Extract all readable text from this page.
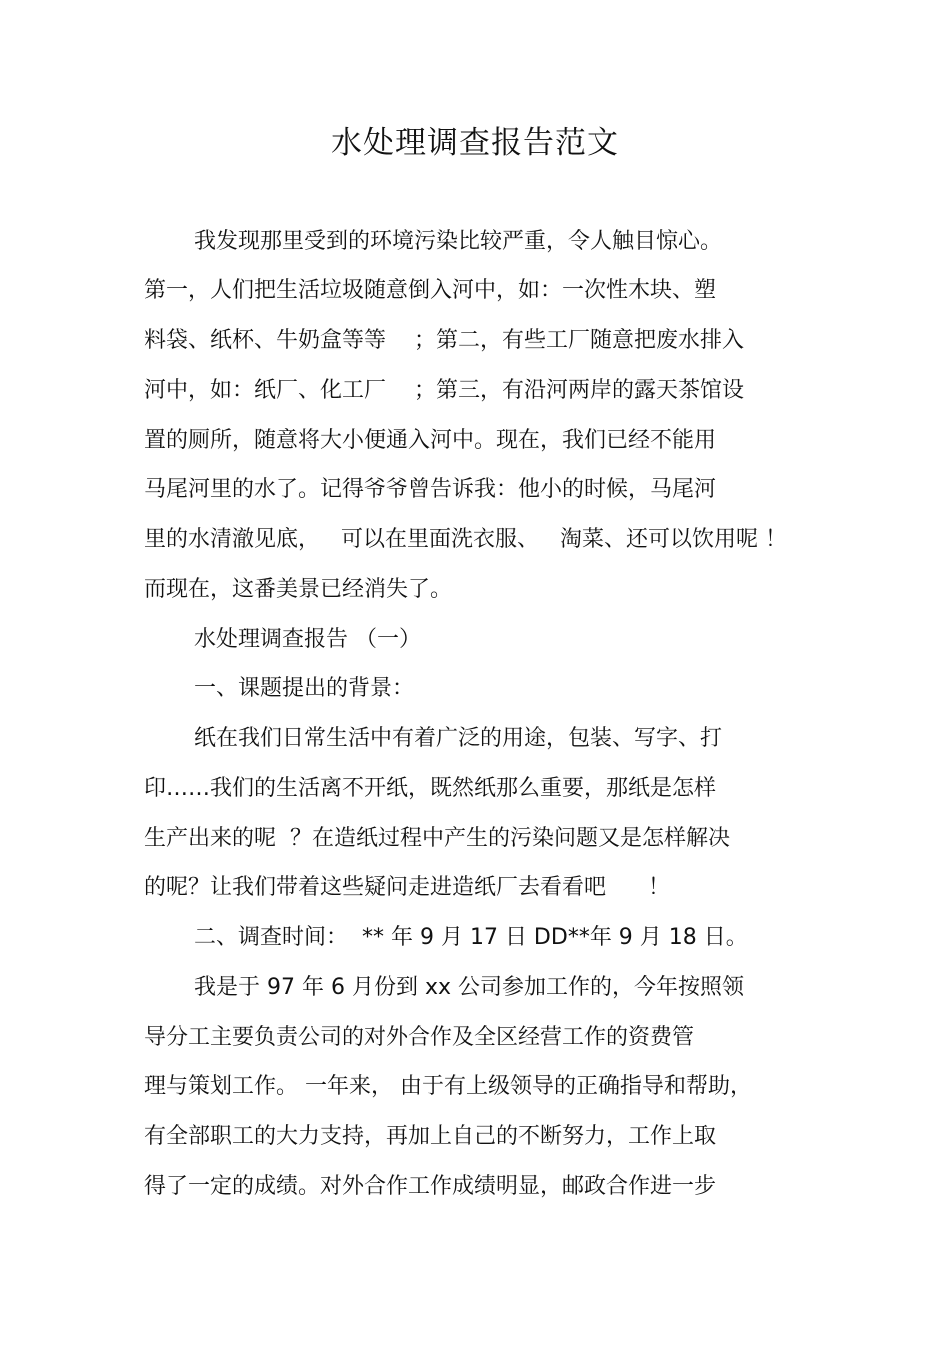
水处理调查报告范文
我发现那里受到的环境污染比较严重，令人触目惊心。
第一，人们把生活垃圾随意倒入河中，如：一次性木块、塑
料袋、纸杯、牛奶盒等等    ；第二，有些工厂随意把废水排入
河中，如：纸厂、化工厂    ；第三，有沿河两岸的露天茶馆设
置的厕所，随意将大小便通入河中。现在，我们已经不能用
马尾河里的水了。记得爷爷曾告诉我：他小的时候，马尾河
里的水清澈见底，   可以在里面洗衣服、   淘菜、还可以饮用呢 ！
而现在，这番美景已经消失了。
水处理调查报告 （一）
一、课题提出的背景：
纸在我们日常生活中有着广泛的用途，包装、写字、打
印……我们的生活离不开纸，既然纸那么重要，那纸是怎样
生产出来的呢  ？在造纸过程中产生的污染问题又是怎样解决
的呢？让我们带着这些疑问走进造纸厂去看看吧      ！
二、调查时间：  ** 年 9 月 17 日 DD**年 9 月 18 日。
我是于 97 年 6 月份到 xx 公司参加工作的，今年按照领
导分工主要负责公司的对外合作及全区经营工作的资费管
理与策划工作。 一年来， 由于有上级领导的正确指导和帮助，
有全部职工的大力支持，再加上自己的不断努力，工作上取
得了一定的成绩。对外合作工作成绩明显，邮政合作进一步
